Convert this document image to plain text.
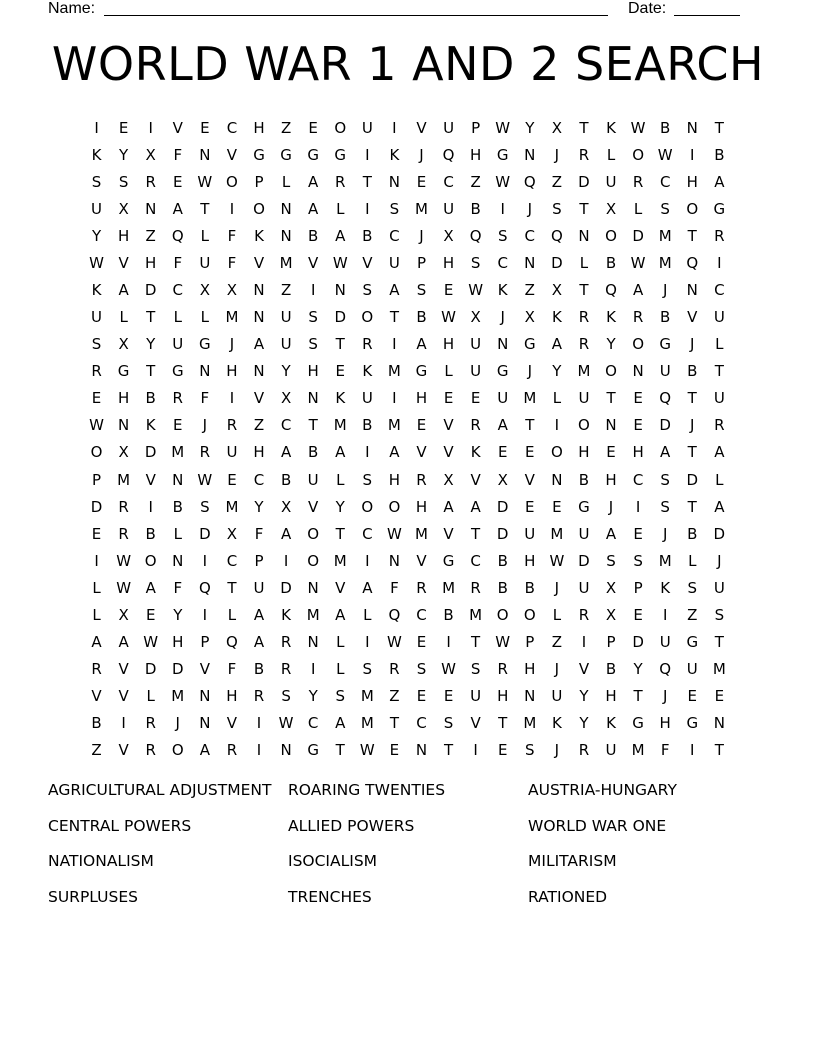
Name:	Date:
WORLD WAR 1 AND 2 SEARCH
I	E	I	V	E	C	H	Z	E	O	U	I	V	U	P	W	Y	X	T	K W B	N	T
K	Y	X	F	N	V	G	G	G	G	I	K	J	Q	H	G	N	J	R	L	O W	I	B
S	S	R	E W O	P	L	A	R	T	N	E	C	Z W Q	Z	D	U	R	C	H	A
U	X	N	A	T	I	O	N	A	L	I	S	M	U	B	I	J	S	T	X	L	S	O	G
Y	H	Z	Q	L	F	K	N	B	A	B	C	J	X	Q	S	C	Q	N	O	D M	T	R
W V	H	F	U	F	V	M	V W V	U	P	H	S	C	N	D	L	B W M Q	I
K	A	D	C	X	X	N	Z	I	N	S	A	S	E W K	Z	X	T	Q	A	J	N	C
U	L	T	L	L	M N	U	S	D	O	T	B W X	J	X	K	R	K	R	B	V	U
S	X	Y	U	G	J	A	U	S	T	R	I	A	H	U	N	G	A	R	Y	O	G	J	L
R	G	T	G	N	H	N	Y	H	E	K	M G	L	U	G	J	Y	M O	N	U	B	T
E	H	B	R	F	I	V	X	N	K	U	I	H	E	E	U	M	L	U	T	E	Q	T	U
W N	K	E	J	R	Z	C	T	M	B	M	E	V	R	A	T	I	O	N	E	D	J	R
O	X	D M	R	U	H	A	B	A	I	A	V	V	K	E	E	O	H	E	H	A	T	A
P	M	V	N W E	C	B	U	L	S	H	R	X	V	X	V	N	B	H	C	S	D	L
D	R	I	B	S	M	Y	X	V	Y	O	O	H	A	A	D	E	E	G	J	I	S	T	A
E	R	B	L	D	X	F	A	O	T	C W M	V	T	D	U	M	U	A	E	J	B	D
I	W O	N	I	C	P	I	O M	I	N	V	G	C	B	H W D	S	S	M	L	J
L	W A	F	Q	T	U	D	N	V	A	F	R	M	R	B	B	J	U	X	P	K	S	U
L	X	E	Y	I	L	A	K	M	A	L	Q	C	B	M O	O	L	R	X	E	I	Z	S
A	A W H	P	Q	A	R	N	L	I	W E	I	T	W	P	Z	I	P	D	U	G	T
R	V	D	D	V	F	B	R	I	L	S	R	S W S	R	H	J	V	B	Y	Q	U	M
V	V	L	M N	H	R	S	Y	S	M	Z	E	E	U	H	N	U	Y	H	T	J	E	E
B	I	R	J	N	V	I	W C	A	M	T	C	S	V	T	M	K	Y	K	G	H	G	N
Z	V	R	O	A	R	I	N	G	T	W E	N	T	I	E	S	J	R	U	M	F	I	T
AGRICULTURAL ADJUSTMENT	ROARING TWENTIES	AUSTRIA-HUNGARY
CENTRAL POWERS	ALLIED POWERS	WORLD WAR ONE
NATIONALISM	ISOCIALISM	MILITARISM
SURPLUSES	TRENCHES	RATIONED
